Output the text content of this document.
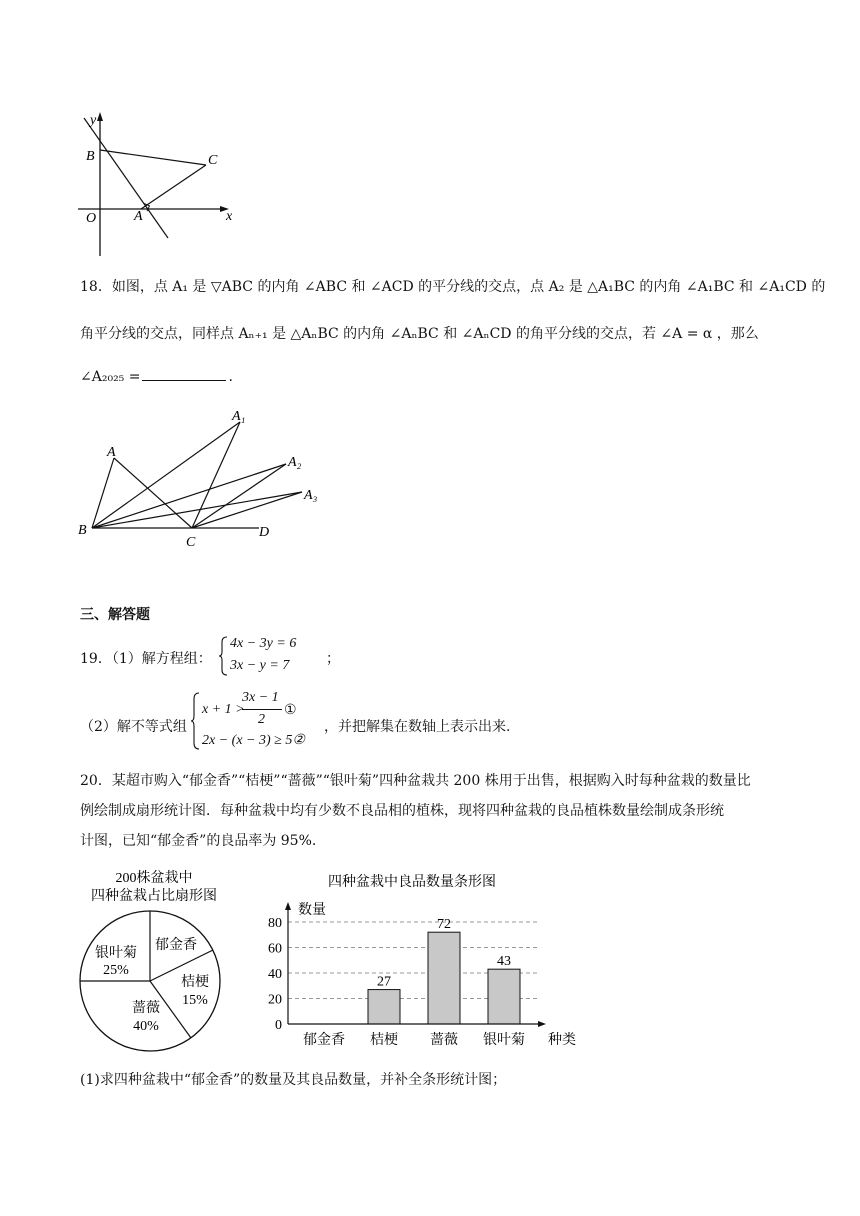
y
x
O
B	C
A
18．如图，点 A₁ 是 ▽ABC 的内角 ∠ABC 和 ∠ACD 的平分线的交点，点 A₂ 是 △A₁BC 的内角 ∠A₁BC 和 ∠A₁CD 的
角平分线的交点，同样点 Aₙ₊₁ 是 △AₙBC 的内角 ∠AₙBC 和 ∠AₙCD 的角平分线的交点，若 ∠A = α ，那么
∠A₂₀₂₅ =	.
A
A₁
A₂
A₃
B
C
D
三、解答题
19．（1）解方程组：
4x − 3y = 6
3x − y = 7	；
（2）解不等式组
x + 1 >
3x − 1
2
①
2x − (x − 3) ≥ 5②
，并把解集在数轴上表示出来.
20．某超市购入“郁金香”“桔梗”“蔷薇”“银叶菊”四种盆栽共 200 株用于出售，根据购入时每种盆栽的数量比
例绘制成扇形统计图．每种盆栽中均有少数不良品相的植株，现将四种盆栽的良品植株数量绘制成条形统
计图，已知“郁金香”的良品率为 95%.
200株盆栽中
四种盆栽占比扇形图
郁金香
桔梗
15%
蔷薇
40%
银叶菊
25%
四种盆栽中良品数量条形图
数量
种类
0
20
40
60
80
郁金香
27
桔梗
72
蔷薇
43
银叶菊
(1)求四种盆栽中“郁金香”的数量及其良品数量，并补全条形统计图；
